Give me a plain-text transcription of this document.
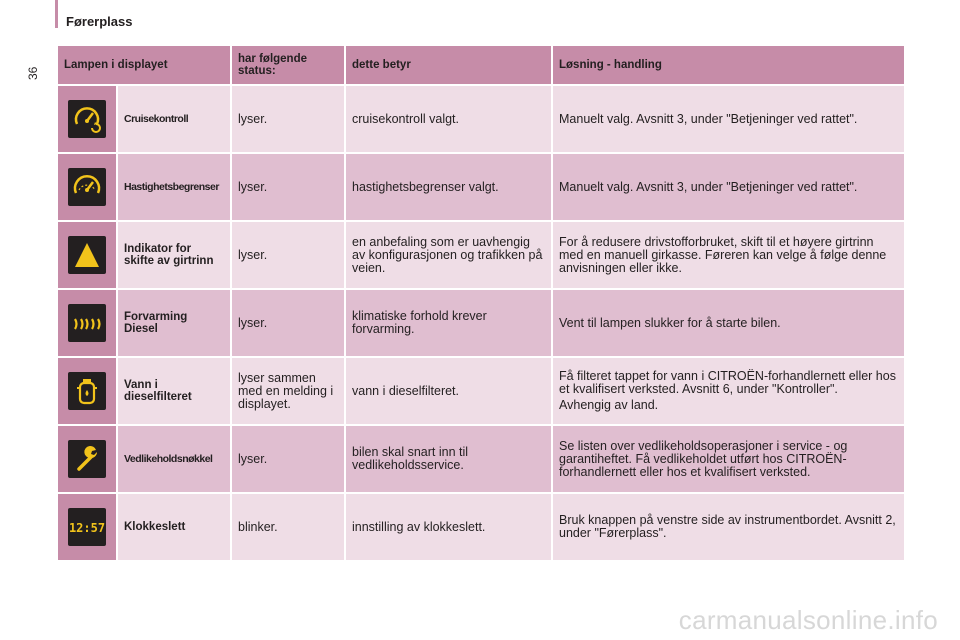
Førerplass
36
Lampen i displayet		har følgende status:	dette betyr	Løsning - handling

	Cruisekontroll	lyser.	cruisekontroll valgt.	Manuelt valg. Avsnitt 3, under "Betjeninger ved rattet".

	Hastighetsbegrenser	lyser.	hastighetsbegrenser valgt.	Manuelt valg. Avsnitt 3, under "Betjeninger ved rattet".

	Indikator for skifte av girtrinn	lyser.	en anbefaling som er uavhengig av konfigurasjonen og trafikken på veien.	For å redusere drivstofforbruket, skift til et høyere girtrinn med en manuell girkasse. Føreren kan velge å følge denne anvisningen eller ikke.

	Forvarming Diesel	lyser.	klimatiske forhold krever forvarming.	Vent til lampen slukker for å starte bilen.

	Vann i dieselfilteret	lyser sammen med en melding i displayet.	vann i dieselfilteret.	Få filteret tappet for vann i CITROËN-forhandlernett eller hos et kvalifisert verksted. Avsnitt 6, under "Kontroller".

Avhengig av land.

	Vedlikeholdsnøkkel	lyser.	bilen skal snart inn til vedlikeholdsservice.	Se listen over vedlikeholdsoperasjoner i service - og garantiheftet. Få vedlikeholdet utført hos CITROËN-forhandlernett eller hos et kvalifisert verksted.

12:57	Klokkeslett	blinker.	innstilling av klokkeslett.	Bruk knappen på venstre side av instrumentbordet. Avsnitt 2, under "Førerplass".

carmanualsonline.info
